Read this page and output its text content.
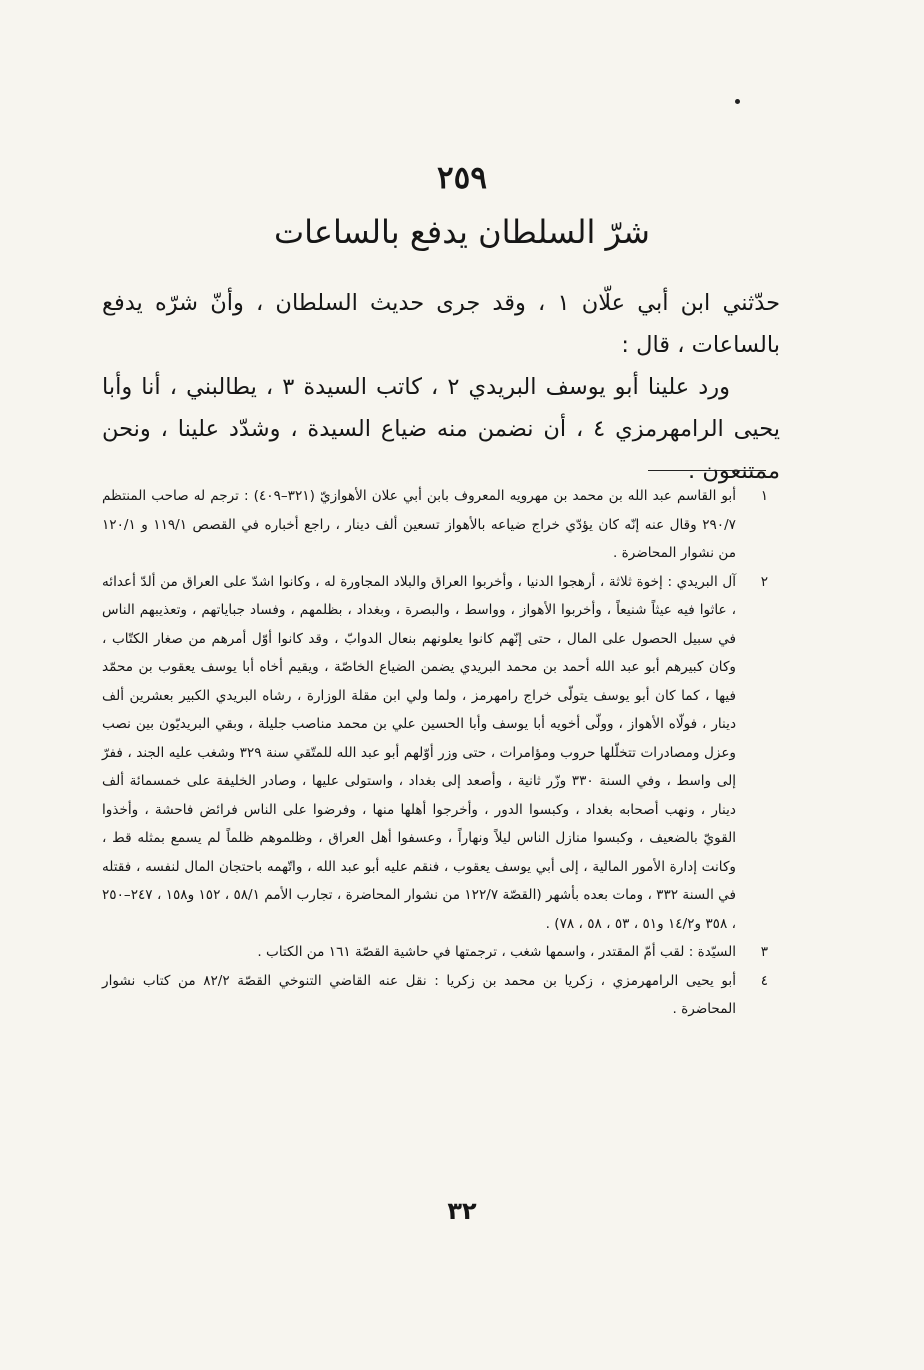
٢٥٩
شرّ السلطان يدفع بالساعات

حدّثني ابن أبي علّان ١ ، وقد جرى حديث السلطان ، وأنّ شرّه يدفع بالساعات ، قال :

ورد علينا أبو يوسف البريدي ٢ ، كاتب السيدة ٣ ، يطالبني ، أنا وأبا يحيى الرامهرمزي ٤ ، أن نضمن منه ضياع السيدة ، وشدّد علينا ، ونحن ممتنعون .

١
أبو القاسم عبد الله بن محمد بن مهرويه المعروف بابن أبي علان الأهوازيّ (٣٢١–٤٠٩) : ترجم له صاحب المنتظم ٢٩٠/٧ وقال عنه إنّه كان يؤدّي خراج ضياعه بالأهواز تسعين ألف دينار ، راجع أخباره في القصص ١١٩/١ و ١٢٠/١ من نشوار المحاضرة .
٢
آل البريدي : إخوة ثلاثة ، أرهجوا الدنيا ، وأخربوا العراق والبلاد المجاورة له ، وكانوا اشدّ على العراق من ألدّ أعدائه ، عاثوا فيه عيثاً شنيعاً ، وأخربوا الأهواز ، وواسط ، والبصرة ، وبغداد ، بظلمهم ، وفساد جباياتهم ، وتعذيبهم الناس في سبيل الحصول على المال ، حتى إنّهم كانوا يعلونهم بنعال الدوابّ ، وقد كانوا أوّل أمرهم من صغار الكتّاب ، وكان كبيرهم أبو عبد الله أحمد بن محمد البريدي يضمن الضياع الخاصّة ، ويقيم أخاه أبا يوسف يعقوب بن محمّد فيها ، كما كان أبو يوسف يتولّى خراج رامهرمز ، ولما ولي ابن مقلة الوزارة ، رشاه البريدي الكبير بعشرين ألف دينار ، فولّاه الأهواز ، وولّى أخويه أبا يوسف وأبا الحسين علي بن محمد مناصب جليلة ، وبقي البريديّون بين نصب وعزل ومصادرات تتخلّلها حروب ومؤامرات ، حتى وزر أوّلهم أبو عبد الله للمتّقي سنة ٣٢٩ وشغب عليه الجند ، ففرّ إلى واسط ، وفي السنة ٣٣٠ وزّر ثانية ، وأصعد إلى بغداد ، واستولى عليها ، وصادر الخليفة على خمسمائة ألف دينار ، ونهب أصحابه بغداد ، وكبسوا الدور ، وأخرجوا أهلها منها ، وفرضوا على الناس فرائض فاحشة ، وأخذوا القويّ بالضعيف ، وكبسوا منازل الناس ليلاً ونهاراً ، وعسفوا أهل العراق ، وظلموهم ظلماً لم يسمع بمثله قط ، وكانت إدارة الأمور المالية ، إلى أبي يوسف يعقوب ، فنقم عليه أبو عبد الله ، واتّهمه باحتجان المال لنفسه ، فقتله في السنة ٣٣٢ ، ومات بعده بأشهر (القصّة ١٢٢/٧ من نشوار المحاضرة ، تجارب الأمم ٥٨/١ ، ١٥٢ و١٥٨ ، ٢٤٧–٢٥٠ ، ٣٥٨ و١٤/٢ و٥١ ، ٥٣ ، ٥٨ ، ٧٨) .
٣
السيّدة : لقب أمّ المقتدر ، واسمها شغب ، ترجمتها في حاشية القصّة ١٦١ من الكتاب .
٤
أبو يحيى الرامهرمزي ، زكريا بن محمد بن زكريا : نقل عنه القاضي التنوخي القصّة ٨٢/٢ من كتاب نشوار المحاضرة .
٣٢
